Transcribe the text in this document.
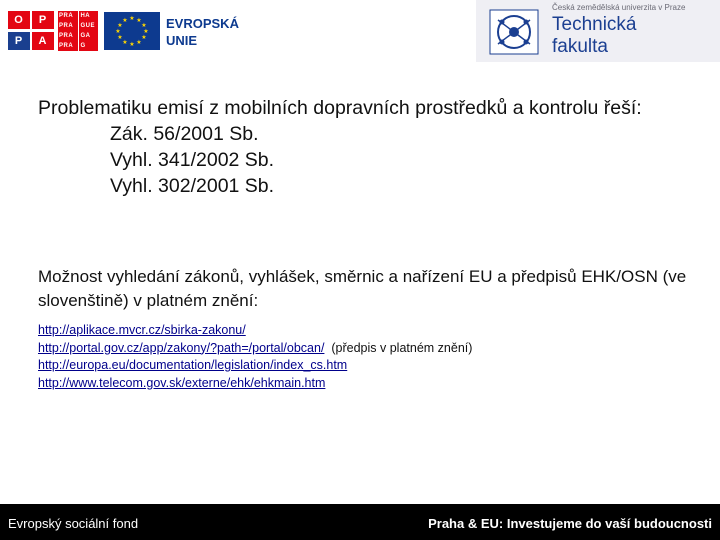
O	P
P	A
PRA	HA
PRA	GUE
PRA	GA
PRA	G
★ ★
★
★
★
★
★
★
★
★
★
★	EVROPSKÁ
UNIE
Česká zemědělská univerzita v Praze
Technická
fakulta
Problematiku emisí z mobilních dopravních prostředků a kontrolu řeší:
Zák. 56/2001 Sb.
Vyhl. 341/2002 Sb.
Vyhl. 302/2001 Sb.
Možnost vyhledání zákonů, vyhlášek, směrnic a nařízení EU a předpisů EHK/OSN (ve slovenštině) v platném znění:
http://aplikace.mvcr.cz/sbirka-zakonu/
http://portal.gov.cz/app/zakony/?path=/portal/obcan/  (předpis v platném znění)
http://europa.eu/documentation/legislation/index_cs.htm
http://www.telecom.gov.sk/externe/ehk/ehkmain.htm
Evropský sociální fond	Praha & EU: Investujeme do vaší budoucnosti
